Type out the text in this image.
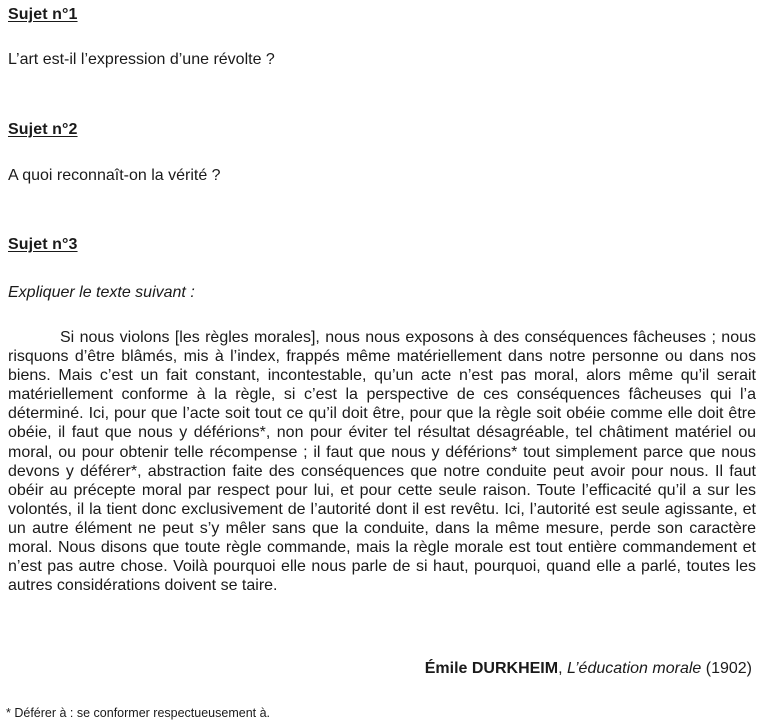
Sujet n°1
L’art est-il l’expression d’une révolte ?
Sujet n°2
A quoi reconnaît-on la vérité ?
Sujet n°3
Expliquer le texte suivant :

Si nous violons [les règles morales], nous nous exposons à des conséquences fâcheuses ; nous risquons d’être blâmés, mis à l’index, frappés même matériellement dans notre personne ou dans nos biens. Mais c’est un fait constant, incontestable, qu’un acte n’est pas moral, alors même qu’il serait matériellement conforme à la règle, si c’est la perspective de ces conséquences fâcheuses qui l’a déterminé. Ici, pour que l’acte soit tout ce qu’il doit être, pour que la règle soit obéie comme elle doit être obéie, il faut que nous y déférions*, non pour éviter tel résultat désagréable, tel châtiment matériel ou moral, ou pour obtenir telle récompense ; il faut que nous y déférions* tout simplement parce que nous devons y déférer*, abstraction faite des conséquences que notre conduite peut avoir pour nous. Il faut obéir au précepte moral par respect pour lui, et pour cette seule raison. Toute l’efficacité qu’il a sur les volontés, il la tient donc exclusivement de l’autorité dont il est revêtu. Ici, l’autorité est seule agissante, et un autre élément ne peut s’y mêler sans que la conduite, dans la même mesure, perde son caractère moral. Nous disons que toute règle commande, mais la règle morale est tout entière commandement et n’est pas autre chose. Voilà pourquoi elle nous parle de si haut, pourquoi, quand elle a parlé, toutes les autres considérations doivent se taire.

Émile DURKHEIM, L’éducation morale (1902)
* Déférer à : se conformer respectueusement à.
